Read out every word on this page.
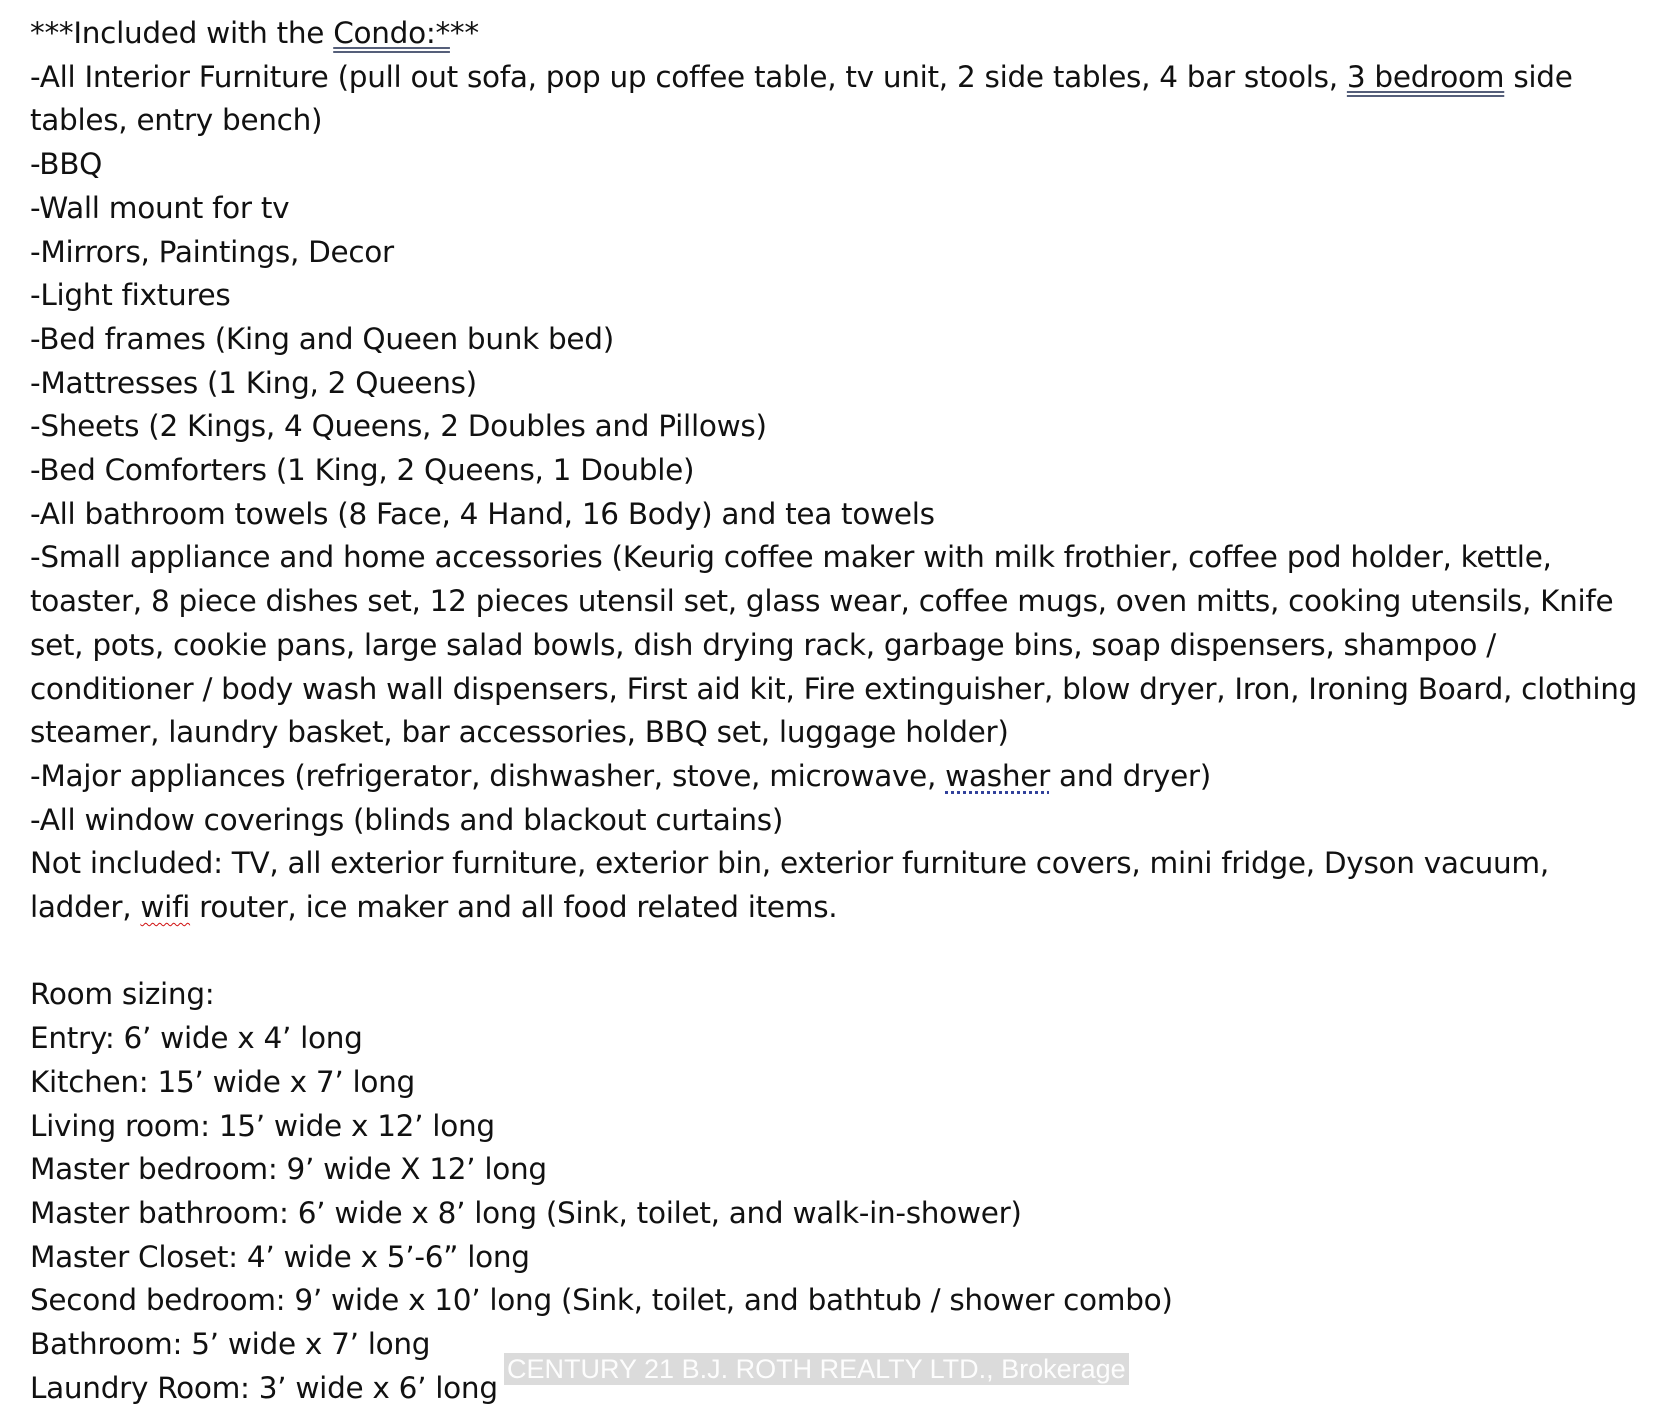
***Included with the Condo:***

-All Interior Furniture (pull out sofa, pop up coffee table, tv unit, 2 side tables, 4 bar stools, 3 bedroom side tables, entry bench)

-BBQ

-Wall mount for tv

-Mirrors, Paintings, Decor

-Light fixtures

-Bed frames (King and Queen bunk bed)

-Mattresses (1 King, 2 Queens)

-Sheets (2 Kings, 4 Queens, 2 Doubles and Pillows)

-Bed Comforters (1 King, 2 Queens, 1 Double)

-All bathroom towels (8 Face, 4 Hand, 16 Body) and tea towels

-Small appliance and home accessories (Keurig coffee maker with milk frothier, coffee pod holder, kettle, toaster, 8 piece dishes set, 12 pieces utensil set, glass wear, coffee mugs, oven mitts, cooking utensils, Knife set, pots, cookie pans, large salad bowls, dish drying rack, garbage bins, soap dispensers, shampoo / conditioner / body wash wall dispensers, First aid kit, Fire extinguisher, blow dryer, Iron, Ironing Board, clothing steamer, laundry basket, bar accessories, BBQ set, luggage holder)

-Major appliances (refrigerator, dishwasher, stove, microwave, washer and dryer)

-All window coverings (blinds and blackout curtains)

Not included: TV, all exterior furniture, exterior bin, exterior furniture covers, mini fridge, Dyson vacuum, ladder, wifi router, ice maker and all food related items.

Room sizing:

Entry: 6’ wide x 4’ long

Kitchen: 15’ wide x 7’ long

Living room: 15’ wide x 12’ long

Master bedroom: 9’ wide X 12’ long

Master bathroom: 6’ wide x 8’ long (Sink, toilet, and walk-in-shower)

Master Closet: 4’ wide x 5’-6” long

Second bedroom: 9’ wide x 10’ long (Sink, toilet, and bathtub / shower combo)

Bathroom: 5’ wide x 7’ long

Laundry Room: 3’ wide x 6’ long

CENTURY 21 B.J. ROTH REALTY LTD., Brokerage
